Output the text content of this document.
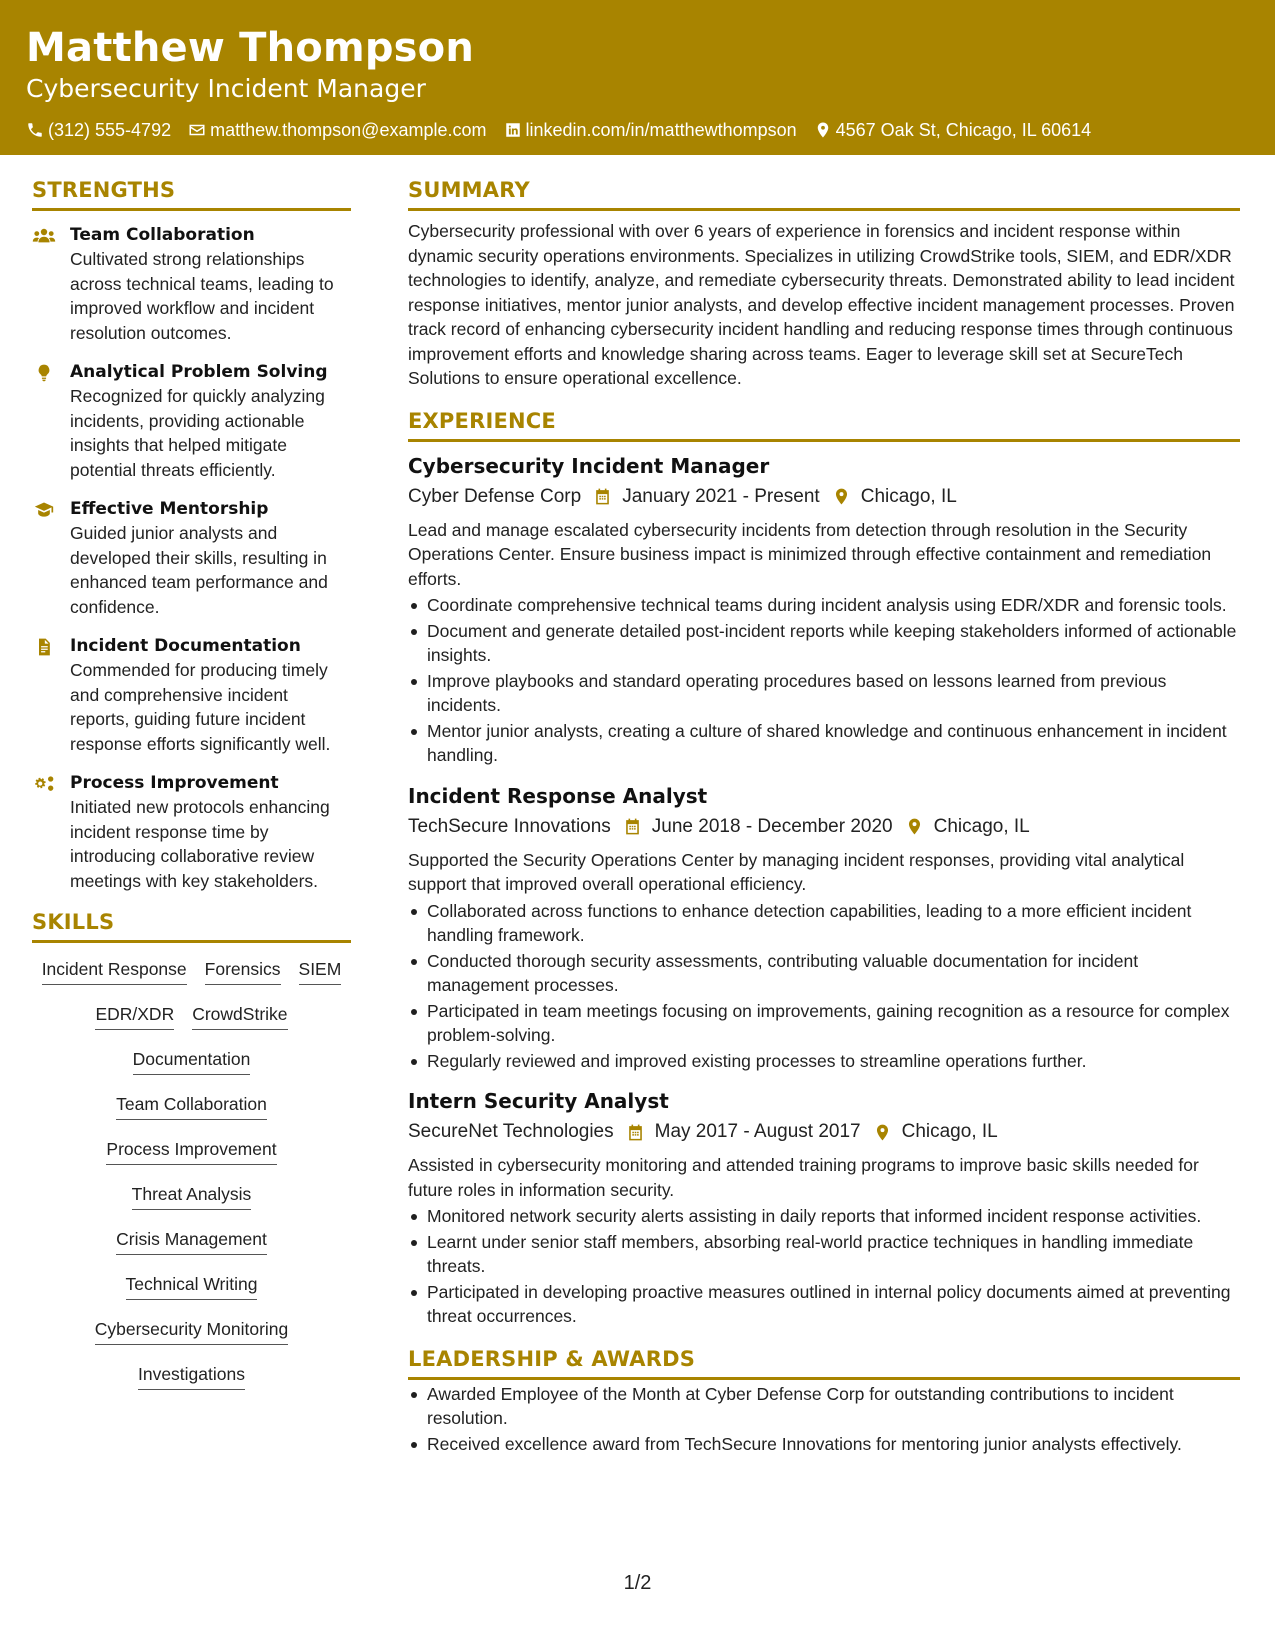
Matthew Thompson
Cybersecurity Incident Manager
(312) 555-4792 matthew.thompson@example.com linkedin.com/in/matthewthompson 4567 Oak St, Chicago, IL 60614
STRENGTHS
Team Collaboration
Cultivated strong relationships across technical teams, leading to improved workflow and incident resolution outcomes.
Analytical Problem Solving
Recognized for quickly analyzing incidents, providing actionable insights that helped mitigate potential threats efficiently.
Effective Mentorship
Guided junior analysts and developed their skills, resulting in enhanced team performance and confidence.
Incident Documentation
Commended for producing timely and comprehensive incident reports, guiding future incident response efforts significantly well.
Process Improvement
Initiated new protocols enhancing incident response time by introducing collaborative review meetings with key stakeholders.
SKILLS
Incident Response Forensics SIEM
EDR/XDR CrowdStrike
Documentation
Team Collaboration
Process Improvement
Threat Analysis
Crisis Management
Technical Writing
Cybersecurity Monitoring
Investigations
SUMMARY
Cybersecurity professional with over 6 years of experience in forensics and incident response within dynamic security operations environments. Specializes in utilizing CrowdStrike tools, SIEM, and EDR/XDR technologies to identify, analyze, and remediate cybersecurity threats. Demonstrated ability to lead incident response initiatives, mentor junior analysts, and develop effective incident management processes. Proven track record of enhancing cybersecurity incident handling and reducing response times through continuous improvement efforts and knowledge sharing across teams. Eager to leverage skill set at SecureTech Solutions to ensure operational excellence.
EXPERIENCE
Cybersecurity Incident Manager
Cyber Defense Corp January 2021 - Present Chicago, IL
Lead and manage escalated cybersecurity incidents from detection through resolution in the Security Operations Center. Ensure business impact is minimized through effective containment and remediation efforts.
Coordinate comprehensive technical teams during incident analysis using EDR/XDR and forensic tools.
Document and generate detailed post-incident reports while keeping stakeholders informed of actionable insights.
Improve playbooks and standard operating procedures based on lessons learned from previous incidents.
Mentor junior analysts, creating a culture of shared knowledge and continuous enhancement in incident handling.
Incident Response Analyst
TechSecure Innovations June 2018 - December 2020 Chicago, IL
Supported the Security Operations Center by managing incident responses, providing vital analytical support that improved overall operational efficiency.
Collaborated across functions to enhance detection capabilities, leading to a more efficient incident handling framework.
Conducted thorough security assessments, contributing valuable documentation for incident management processes.
Participated in team meetings focusing on improvements, gaining recognition as a resource for complex problem-solving.
Regularly reviewed and improved existing processes to streamline operations further.
Intern Security Analyst
SecureNet Technologies May 2017 - August 2017 Chicago, IL
Assisted in cybersecurity monitoring and attended training programs to improve basic skills needed for future roles in information security.
Monitored network security alerts assisting in daily reports that informed incident response activities.
Learnt under senior staff members, absorbing real-world practice techniques in handling immediate threats.
Participated in developing proactive measures outlined in internal policy documents aimed at preventing threat occurrences.
LEADERSHIP & AWARDS
Awarded Employee of the Month at Cyber Defense Corp for outstanding contributions to incident resolution.
Received excellence award from TechSecure Innovations for mentoring junior analysts effectively.
1/2
